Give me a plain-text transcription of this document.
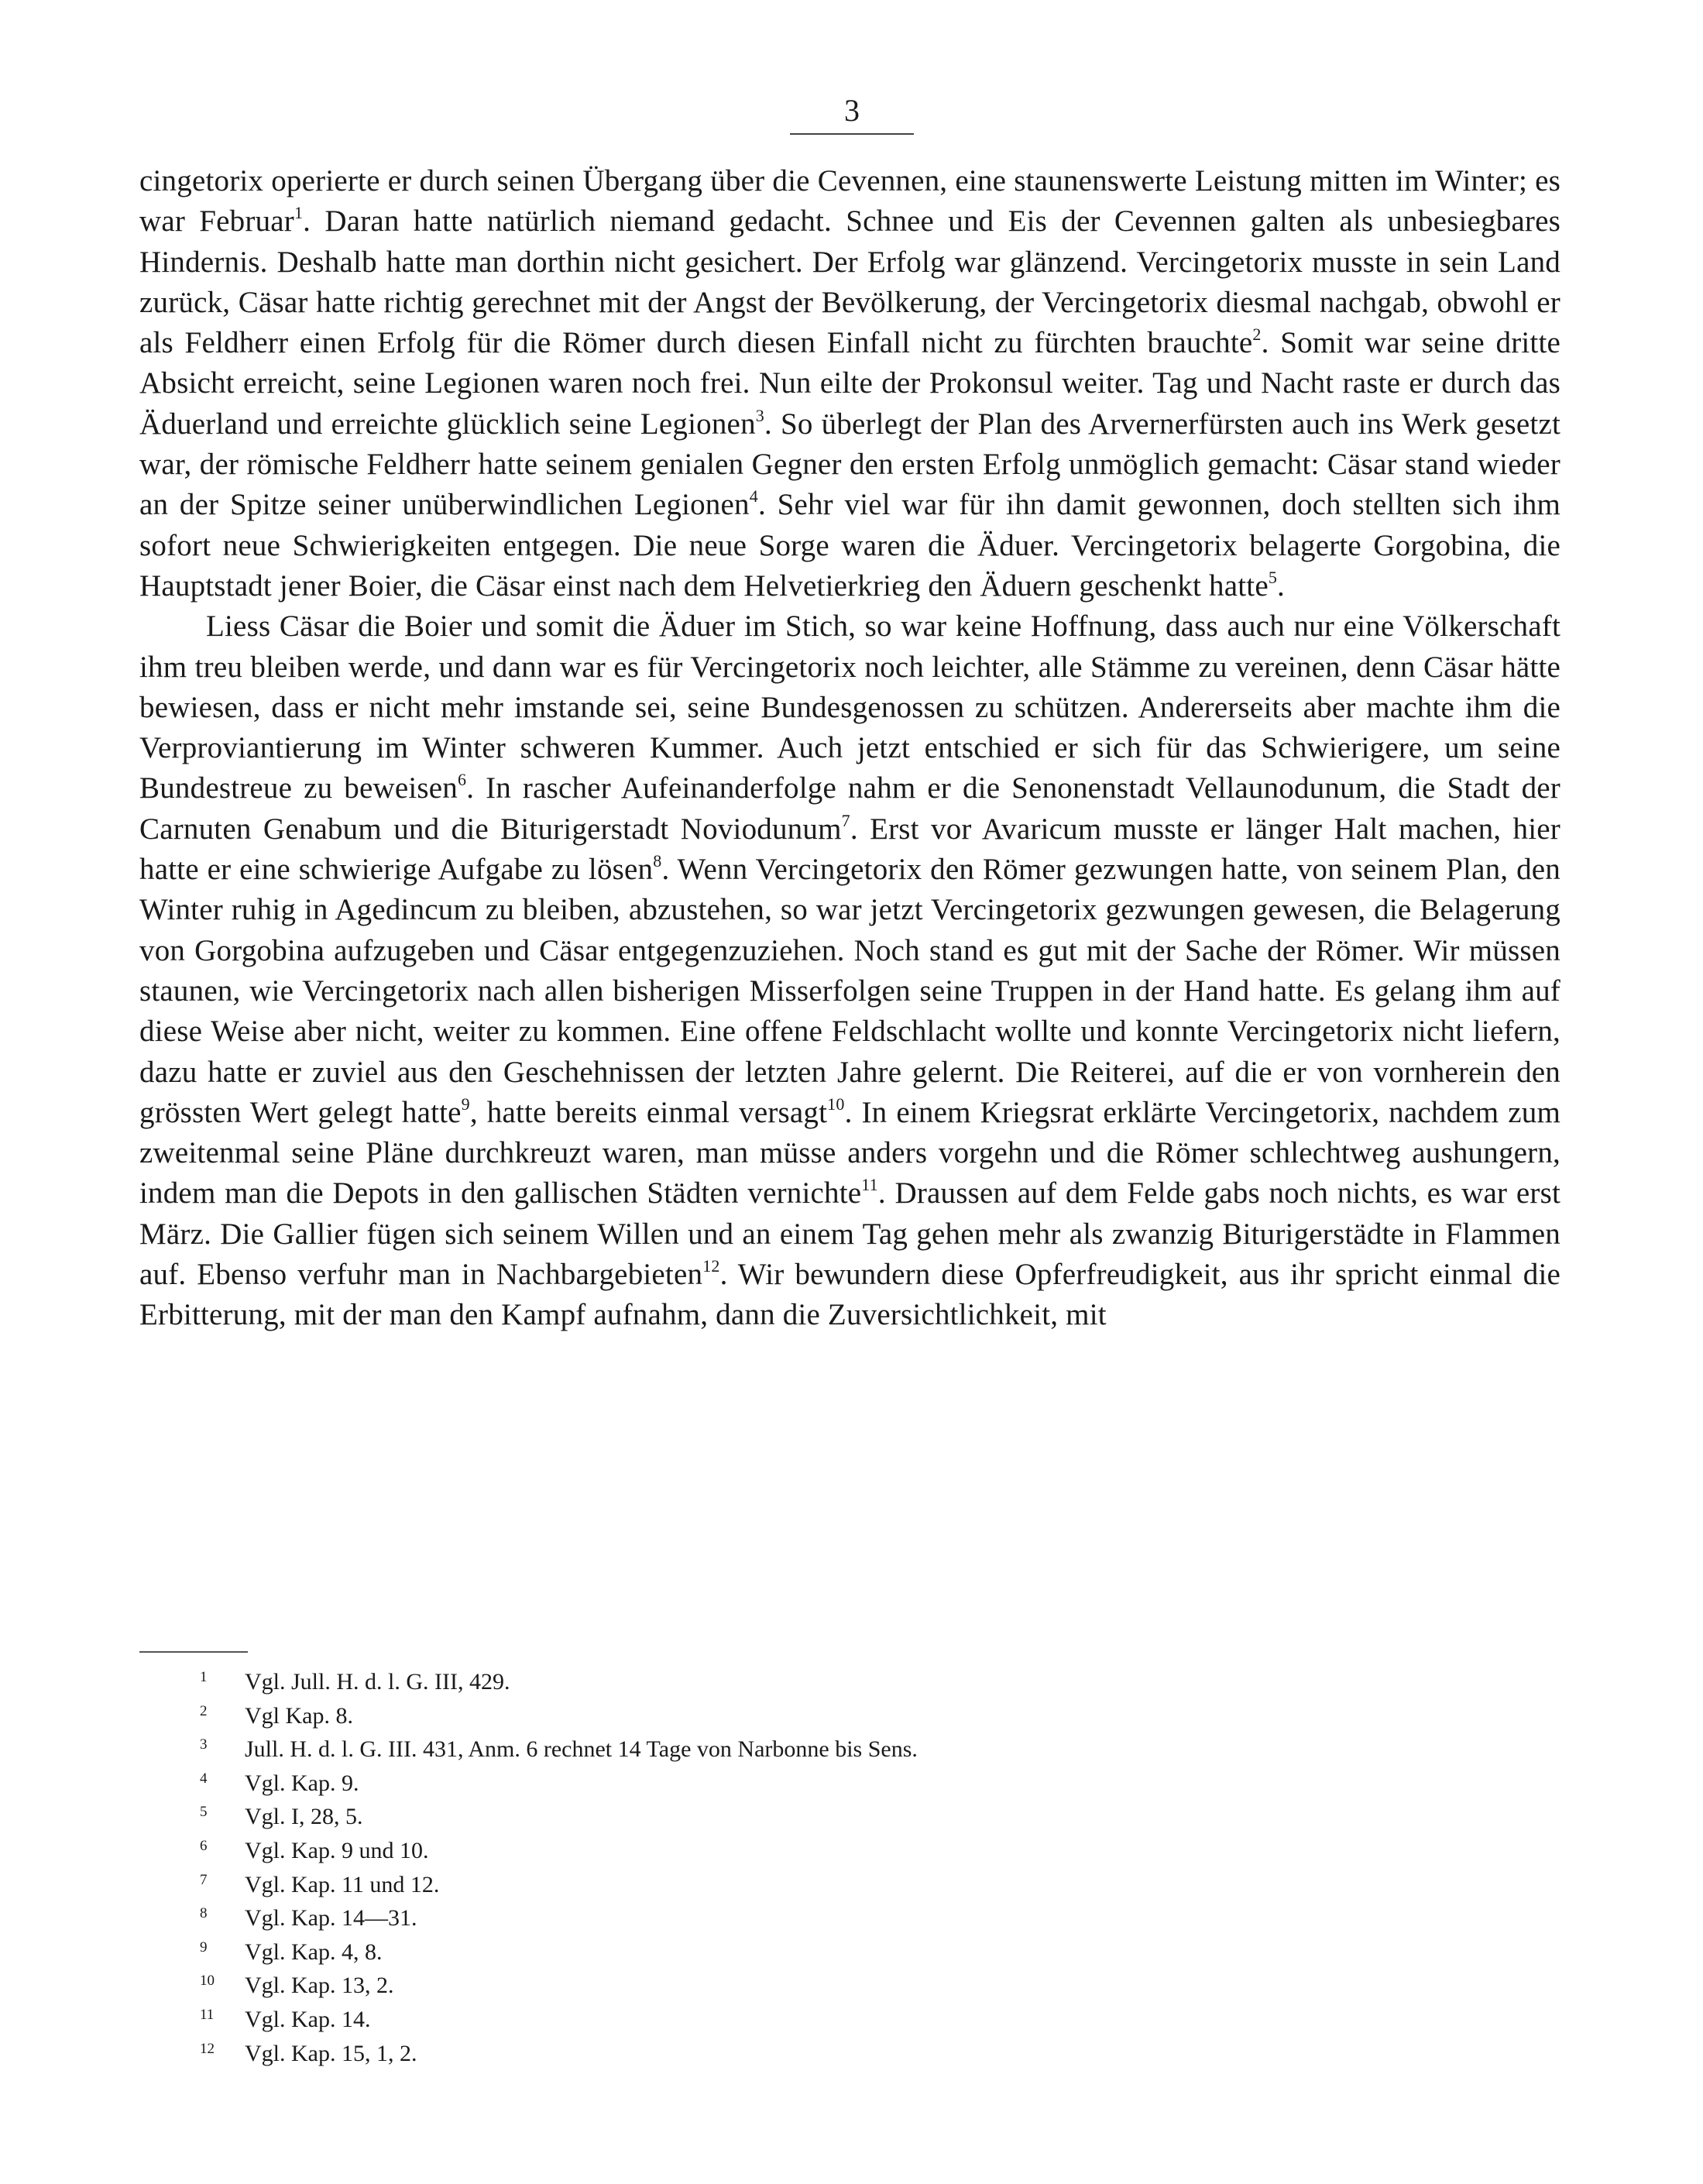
3

cingetorix operierte er durch seinen Übergang über die Cevennen, eine staunenswerte Leistung mitten im Winter; es war Februar$^1$. Daran hatte natürlich niemand gedacht. Schnee und Eis der Cevennen galten als unbesiegbares Hindernis. Deshalb hatte man dorthin nicht gesichert. Der Erfolg war glänzend. Vercingetorix musste in sein Land zurück, Cäsar hatte richtig gerechnet mit der Angst der Bevölkerung, der Vercingetorix diesmal nachgab, obwohl er als Feldherr einen Erfolg für die Römer durch diesen Einfall nicht zu fürchten brauchte$^2$. Somit war seine dritte Absicht erreicht, seine Legionen waren noch frei. Nun eilte der Prokonsul weiter. Tag und Nacht raste er durch das Äduerland und erreichte glücklich seine Legionen$^3$. So überlegt der Plan des Arvernerfürsten auch ins Werk gesetzt war, der römische Feldherr hatte seinem genialen Gegner den ersten Erfolg unmöglich gemacht: Cäsar stand wieder an der Spitze seiner unüberwindlichen Legionen$^4$. Sehr viel war für ihn damit gewonnen, doch stellten sich ihm sofort neue Schwierigkeiten entgegen. Die neue Sorge waren die Äduer. Vercingetorix belagerte Gorgobina, die Hauptstadt jener Boier, die Cäsar einst nach dem Helvetierkrieg den Äduern geschenkt hatte$^5$.

Liess Cäsar die Boier und somit die Äduer im Stich, so war keine Hoffnung, dass auch nur eine Völkerschaft ihm treu bleiben werde, und dann war es für Vercingetorix noch leichter, alle Stämme zu vereinen, denn Cäsar hätte bewiesen, dass er nicht mehr imstande sei, seine Bundesgenossen zu schützen. Andererseits aber machte ihm die Verproviantierung im Winter schweren Kummer. Auch jetzt entschied er sich für das Schwierigere, um seine Bundestreue zu beweisen$^6$. In rascher Aufeinanderfolge nahm er die Senonenstadt Vellaunodunum, die Stadt der Carnuten Genabum und die Biturigerstadt Noviodunum$^7$. Erst vor Avaricum musste er länger Halt machen, hier hatte er eine schwierige Aufgabe zu lösen$^8$. Wenn Vercingetorix den Römer gezwungen hatte, von seinem Plan, den Winter ruhig in Agedincum zu bleiben, abzustehen, so war jetzt Vercingetorix gezwungen gewesen, die Belagerung von Gorgobina aufzugeben und Cäsar entgegenzuziehen. Noch stand es gut mit der Sache der Römer. Wir müssen staunen, wie Vercingetorix nach allen bisherigen Misserfolgen seine Truppen in der Hand hatte. Es gelang ihm auf diese Weise aber nicht, weiter zu kommen. Eine offene Feldschlacht wollte und konnte Vercingetorix nicht liefern, dazu hatte er zuviel aus den Geschehnissen der letzten Jahre gelernt. Die Reiterei, auf die er von vornherein den grössten Wert gelegt hatte$^9$, hatte bereits einmal versagt$^{10}$. In einem Kriegsrat erklärte Vercingetorix, nachdem zum zweitenmal seine Pläne durchkreuzt waren, man müsse anders vorgehn und die Römer schlechtweg aushungern, indem man die Depots in den gallischen Städten vernichte$^{11}$. Draussen auf dem Felde gabs noch nichts, es war erst März. Die Gallier fügen sich seinem Willen und an einem Tag gehen mehr als zwanzig Biturigerstädte in Flammen auf. Ebenso verfuhr man in Nachbargebieten$^{12}$. Wir bewundern diese Opferfreudigkeit, aus ihr spricht einmal die Erbitterung, mit der man den Kampf aufnahm, dann die Zuversichtlichkeit, mit

1 Vgl. Jull. H. d. l. G. III, 429.
2 Vgl Kap. 8.
3 Jull. H. d. l. G. III. 431, Anm. 6 rechnet 14 Tage von Narbonne bis Sens.
4 Vgl. Kap. 9.
5 Vgl. I, 28, 5.
6 Vgl. Kap. 9 und 10.
7 Vgl. Kap. 11 und 12.
8 Vgl. Kap. 14—31.
9 Vgl. Kap. 4, 8.
10 Vgl. Kap. 13, 2.
11 Vgl. Kap. 14.
12 Vgl. Kap. 15, 1, 2.
